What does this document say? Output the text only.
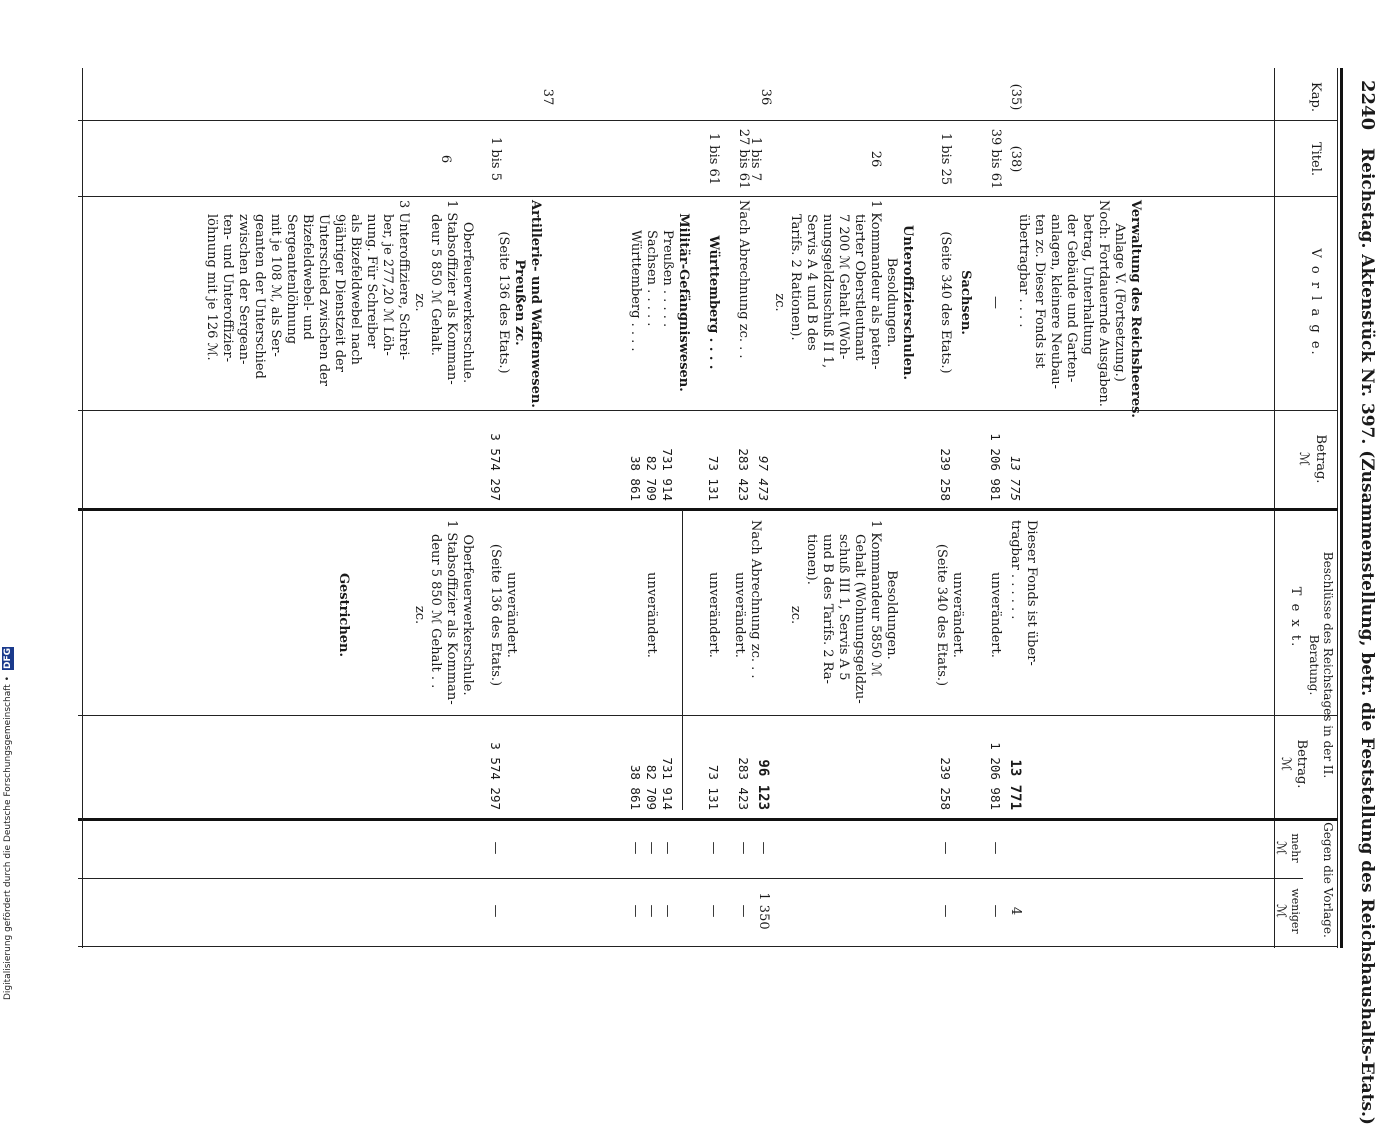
2240
Reichstag. Aktenstück Nr. 397. (Zusammenstellung, betr. die Feststellung des Reichshaushalts-Etats.)
Kap.
Titel.
V o r l a g e.
Betrag.
ℳ
Beschlüsse des Reichstages in der II. Beratung.
T e x t.
Betrag.
ℳ
Gegen die Vorlage.
mehr
ℳ
weniger
ℳ
(35)
(38)
Verwaltung des Reichsheeres.
Anlage V. (Fortsetzung.)
Noch: Fortdauernde Ausgaben.
betrag, Unterhaltung
der Gebäude und Garten-
anlagen, kleinere Neubau-
ten zc. Dieser Fonds ist
übertragbar . . . .
13 775
Dieser Fonds ist über-
tragbar . . . . . .
13 771
4
39 bis 61
—
1 206 981
unverändert.
1 206 981
—
—
Sachsen.
1 bis 25
(Seite 340 des Etats.)
239 258
unverändert.
(Seite 340 des Etats.)
239 258
—
—
26
Unteroffizierschulen.
Besoldungen.
1 Kommandeur als paten-
tierter Oberstleutnant
7 200 ℳ Gehalt (Woh-
nungsgeldzuschuß II 1,
Servis A 4 und B des
Tarifs. 2 Rationen).
zc.
97 473
Besoldungen.
1 Kommandeur 5850 ℳ
Gehalt (Wohnungsgeldzu-
schuß III 1, Servis A 5
und B des Tarifs. 2 Ra-
tionen).
zc.
96 123
—
1 350
27 bis 61
Nach Abrechnung zc. . .
283 423
Nach Abrechnung zc. . .
unverändert.
283 423
—
—
1 bis 61
Württemberg . . . .
73 131
unverändert.
73 131
—
—
36
1 bis 7
Militär-Gefängniswesen.
Preußen . . . . .
Sachsen . . . . .
Württemberg . . . .
731 914
82 709
38 861
unverändert.
731 914
82 709
38 861
—
—
—
—
—
—
37
1 bis 5
Artillerie- und Waffenwesen.
Preußen zc.
(Seite 136 des Etats.)
3 574 297
unverändert.
(Seite 136 des Etats.)
3 574 297
—
—
6
Oberfeuerwerkerschule.
1 Stabsoffizier als Komman-
deur 5 850 ℳ Gehalt.
zc.
3 Unteroffiziere, Schrei-
ber, je 277,20 ℳ Löh-
nung. Für Schreiber
als Bizefeldwebel nach
9jähriger Dienstzeit der
Unterschied zwischen der
Bizefeldwebel- und
Sergeantenlöhnung
mit je 108 ℳ, als Ser-
geanten der Unterschied
zwischen der Sergean-
ten- und Unteroffizier-
löhnung mit je 126 ℳ.
Oberfeuerwerkerschule.
1 Stabsoffizier als Komman-
deur 5 850 ℳ Gehalt . .
zc.
Gestrichen.
Digitalisierung gefördert durch die Deutsche Forschungsgemeinschaft • DFG
